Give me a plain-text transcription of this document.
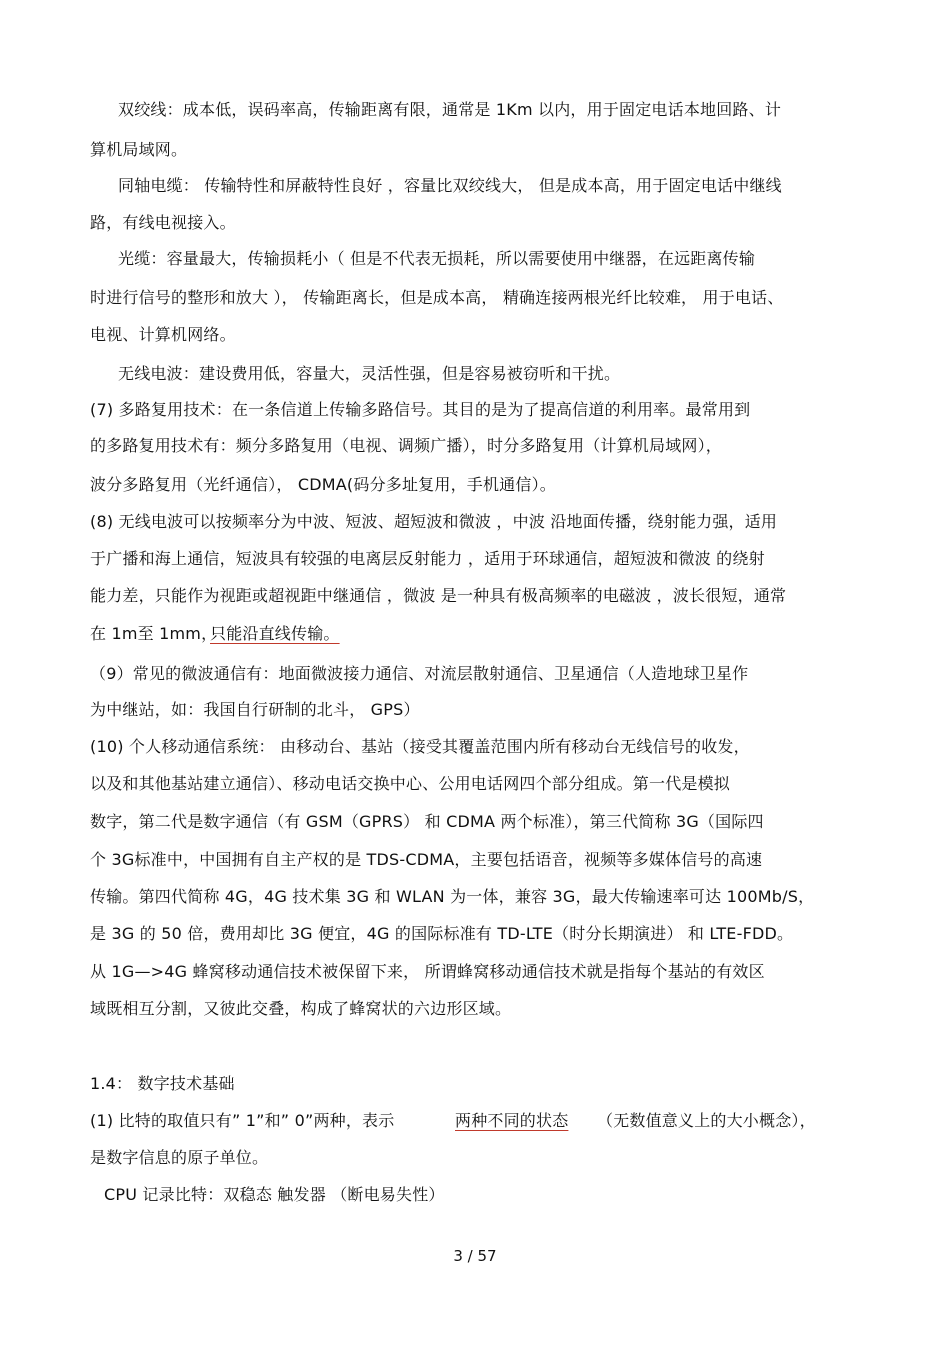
双绞线：成本低，误码率高，传输距离有限，通常是 1Km 以内，用于固定电话本地回路、计
算机局域网。
同轴电缆： 传输特性和屏蔽特性良好 ，容量比双绞线大， 但是成本高，用于固定电话中继线
路，有线电视接入。
光缆：容量最大，传输损耗小（ 但是不代表无损耗，所以需要使用中继器，在远距离传输
时进行信号的整形和放大 ）， 传输距离长，但是成本高， 精确连接两根光纤比较难， 用于电话、
电视、计算机网络。
无线电波：建设费用低，容量大，灵活性强，但是容易被窃听和干扰。
(7) 多路复用技术：在一条信道上传输多路信号。其目的是为了提高信道的利用率。最常用到
的多路复用技术有：频分多路复用（电视、调频广播），时分多路复用（计算机局域网），
波分多路复用（光纤通信）， CDMA(码分多址复用，手机通信）。
(8) 无线电波可以按频率分为中波、短波、超短波和微波 ，中波 沿地面传播，绕射能力强，适用
于广播和海上通信，短波具有较强的电离层反射能力 ，适用于环球通信，超短波和微波 的绕射
能力差，只能作为视距或超视距中继通信 ，微波 是一种具有极高频率的电磁波 ，波长很短，通常
在 1m至 1mm，
只能沿直线传输。
（9）常见的微波通信有：地面微波接力通信、对流层散射通信、卫星通信（人造地球卫星作
为中继站，如：我国自行研制的北斗， GPS）
(10) 个人移动通信系统： 由移动台、基站（接受其覆盖范围内所有移动台无线信号的收发，
以及和其他基站建立通信）、移动电话交换中心、公用电话网四个部分组成。第一代是模拟
数字，第二代是数字通信（有 GSM（GPRS） 和 CDMA 两个标准），第三代简称 3G（国际四
个 3G标准中，中国拥有自主产权的是 TDS-CDMA，主要包括语音，视频等多媒体信号的高速
传输。第四代简称 4G，4G 技术集 3G 和 WLAN 为一体，兼容 3G，最大传输速率可达 100Mb/S，
是 3G 的 50 倍，费用却比 3G 便宜，4G 的国际标准有 TD-LTE（时分长期演进） 和 LTE-FDD。
从 1G—>4G 蜂窝移动通信技术被保留下来， 所谓蜂窝移动通信技术就是指每个基站的有效区
域既相互分割，又彼此交叠，构成了蜂窝状的六边形区域。
1.4： 数字技术基础
(1) 比特的取值只有” 1”和” 0”两种，表示	两种不同的状态 （无数值意义上的大小概念），
是数字信息的原子单位。
CPU 记录比特：双稳态 触发器 （断电易失性）
3 / 57
